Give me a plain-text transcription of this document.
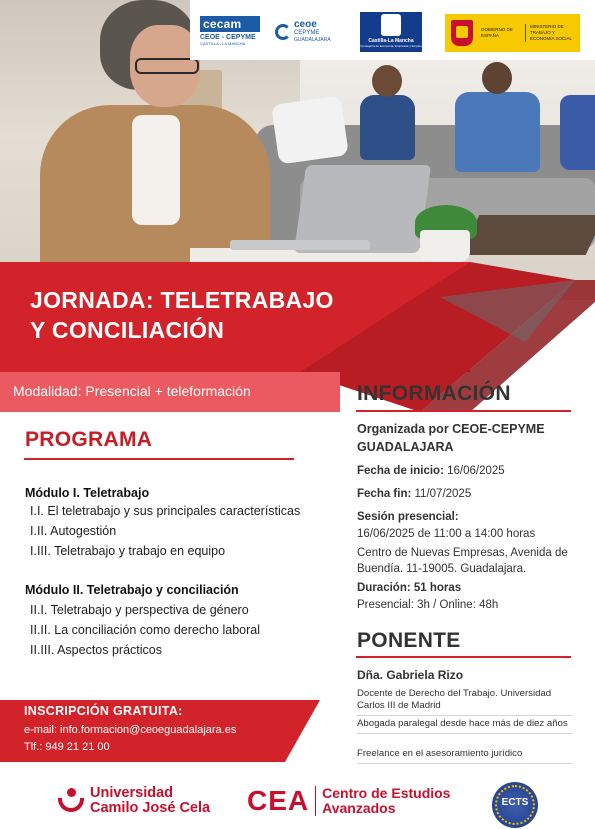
cecam
CEOE - CEPYME
CASTILLA - LA MANCHA
ceoe
CEPYME
GUADALAJARA	Castilla-La Mancha
Consejería de Economía, Empresas y Empleo
GOBIERNO DE ESPAÑA
MINISTERIO DE TRABAJO Y ECONOMÍA SOCIAL
JORNADA: TELETRABAJO
Y CONCILIACIÓN
Modalidad: Presencial + teleformación
PROGRAMA
Módulo I. Teletrabajo
I.I. El teletrabajo y sus principales características
I.II. Autogestión
I.III. Teletrabajo y trabajo en equipo
Módulo II. Teletrabajo y conciliación
II.I. Teletrabajo y perspectiva de género
II.II. La conciliación como derecho laboral
II.III. Aspectos prácticos
INFORMACIÓN
Organizada por CEOE-CEPYME
GUADALAJARA
Fecha de inicio: 16/06/2025
Fecha fin: 11/07/2025
Sesión presencial:
16/06/2025 de 11:00 a 14:00 horas
Centro de Nuevas Empresas, Avenida de
Buendía. 11-19005. Guadalajara.
Duración: 51 horas
Presencial: 3h / Online: 48h
PONENTE
Dña. Gabriela Rizo
Docente de Derecho del Trabajo. Universidad Carlos III de Madrid
Abogada paralegal desde hace más de diez años
Freelance en el asesoramiento jurídico
INSCRIPCIÓN GRATUITA:
e-mail: info.formacion@ceoeguadalajara.es
Tlf.: 949 21 21 00
Universidad
Camilo José Cela CEA Centro de Estudios
Avanzados	ECTS
